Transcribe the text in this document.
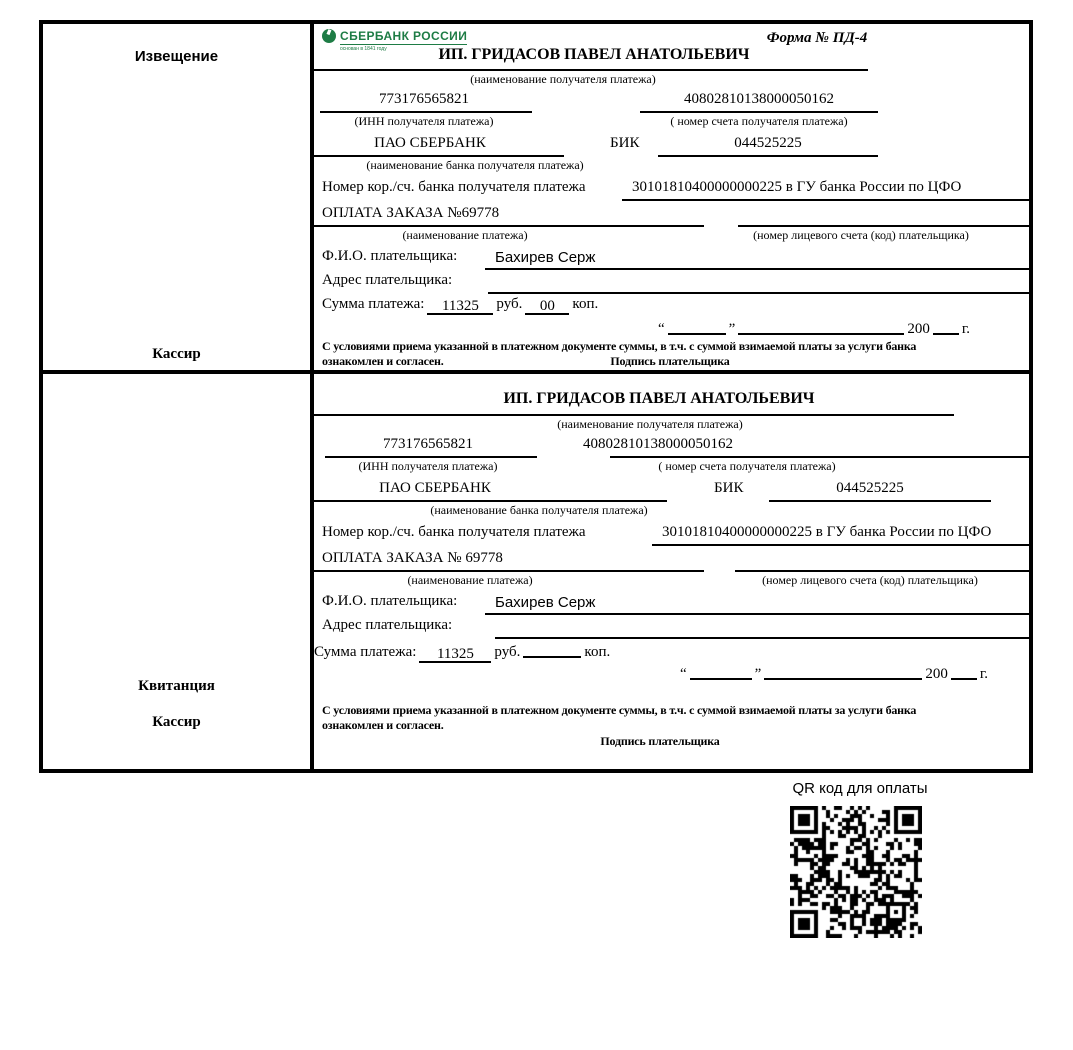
Извещение
Кассир
СБЕРБАНК РОССИИ
основан в 1841 году
Форма № ПД-4
ИП. ГРИДАСОВ ПАВЕЛ АНАТОЛЬЕВИЧ
(наименование получателя платежа)
773176565821	40802810138000050162
(ИНН получателя платежа)	( номер счета получателя платежа)
ПАО СБЕРБАНК	БИК	044525225
(наименование банка получателя платежа)
Номер кор./сч. банка получателя платежа	30101810400000000225 в ГУ банка России по ЦФО
ОПЛАТА ЗАКАЗА №69778
(наименование платежа)	(номер лицевого счета (код) плательщика)
Ф.И.О. плательщика:	Бахирев Серж
Адрес плательщика:
Сумма платежа: 11325 руб. 00 коп.
“	”	200 г.
С условиями приема указанной в платежном документе суммы, в т.ч. с суммой взимаемой платы за услуги банка
ознакомлен и согласен.	Подпись плательщика
Квитанция
Кассир
ИП. ГРИДАСОВ ПАВЕЛ АНАТОЛЬЕВИЧ
(наименование получателя платежа)
773176565821	40802810138000050162
(ИНН получателя платежа)	( номер счета получателя платежа)
ПАО СБЕРБАНК	БИК	044525225
(наименование банка получателя платежа)
Номер кор./сч. банка получателя платежа	30101810400000000225 в ГУ банка России по ЦФО
ОПЛАТА ЗАКАЗА № 69778
(наименование платежа)	(номер лицевого счета (код) плательщика)
Ф.И.О. плательщика:	Бахирев Серж
Адрес плательщика:
Сумма платежа: 11325 руб.	коп.
“	”	200 г.
С условиями приема указанной в платежном документе суммы, в т.ч. с суммой взимаемой платы за услуги банка
ознакомлен и согласен.
Подпись плательщика
QR код для оплаты
